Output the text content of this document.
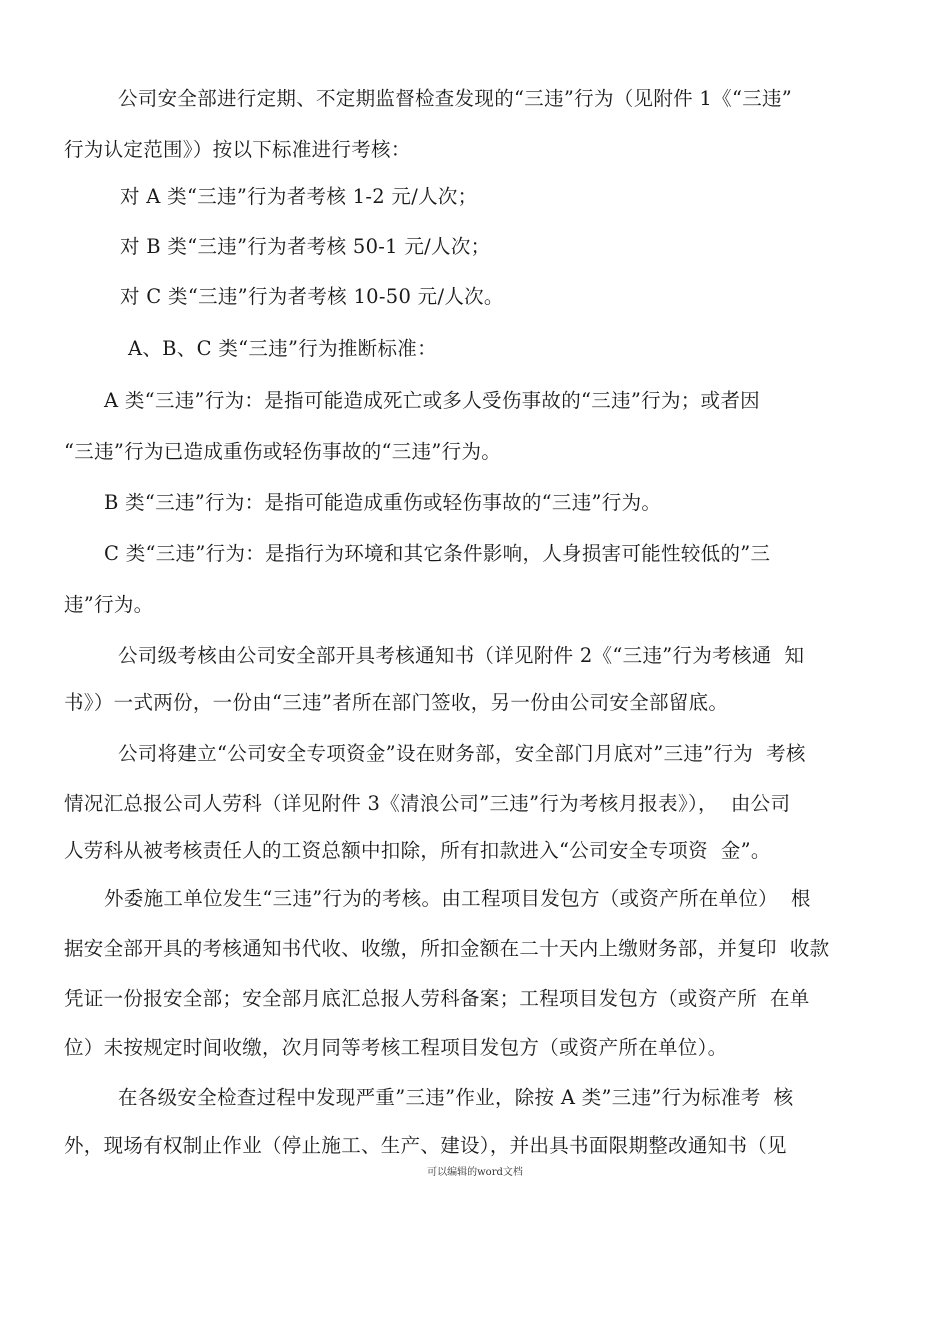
公司安全部进行定期、不定期监督检查发现的“三违”行为（见附件 1《“三违”
行为认定范围》）按以下标准进行考核：
对 A 类“三违”行为者考核 1-2 元/人次；
对 B 类“三违”行为者考核 50-1 元/人次；
对 C 类“三违”行为者考核 10-50 元/人次。
A、B、C 类“三违”行为推断标准：
A 类“三违”行为：是指可能造成死亡或多人受伤事故的“三违”行为；或者因
“三违”行为已造成重伤或轻伤事故的“三违”行为。
B 类“三违”行为：是指可能造成重伤或轻伤事故的“三违”行为。
C 类“三违”行为：是指行为环境和其它条件影响，人身损害可能性较低的”三
违”行为。
公司级考核由公司安全部开具考核通知书（详见附件 2《“三违”行为考核通  知
书》）一式两份，一份由“三违”者所在部门签收，另一份由公司安全部留底。
公司将建立“公司安全专项资金”设在财务部，安全部门月底对”三违”行为  考核
情况汇总报公司人劳科（详见附件 3《清浪公司”三违”行为考核月报表》），  由公司
人劳科从被考核责任人的工资总额中扣除，所有扣款进入“公司安全专项资  金”。
外委施工单位发生“三违”行为的考核。由工程项目发包方（或资产所在单位）  根
据安全部开具的考核通知书代收、收缴，所扣金额在二十天内上缴财务部，并复印  收款
凭证一份报安全部；安全部月底汇总报人劳科备案；工程项目发包方（或资产所  在单
位）未按规定时间收缴，次月同等考核工程项目发包方（或资产所在单位）。
在各级安全检查过程中发现严重”三违”作业，除按 A 类”三违”行为标准考  核
外，现场有权制止作业（停止施工、生产、建设），并出具书面限期整改通知书（见
可以编辑的word文档
